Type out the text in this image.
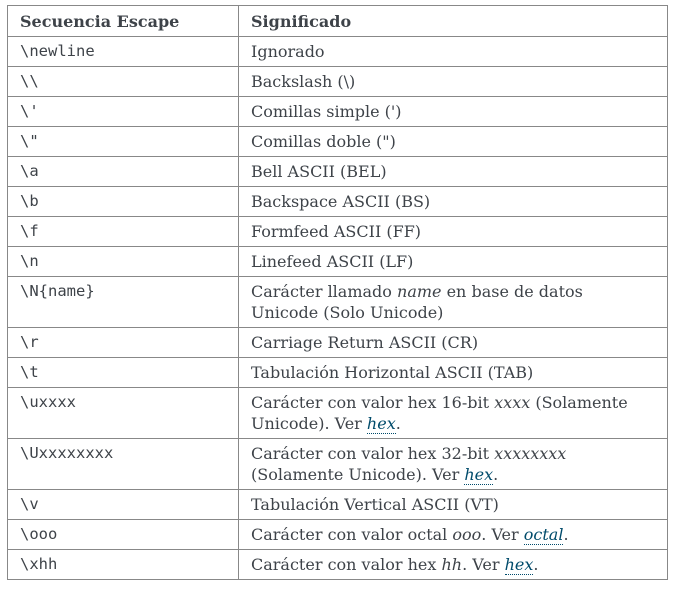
Secuencia Escape	Significado
\newline	Ignorado
\\	Backslash (\)
\'	Comillas simple (')
\"	Comillas doble (")
\a	Bell ASCII (BEL)
\b	Backspace ASCII (BS)
\f	Formfeed ASCII (FF)
\n	Linefeed ASCII (LF)
\N{name}	Carácter llamado name en base de datos Unicode (Solo Unicode)
\r	Carriage Return ASCII (CR)
\t	Tabulación Horizontal ASCII (TAB)
\uxxxx	Carácter con valor hex 16-bit xxxx (Solamente Unicode). Ver hex.
\Uxxxxxxxx	Carácter con valor hex 32-bit xxxxxxxx (Solamente Unicode). Ver hex.
\v	Tabulación Vertical ASCII (VT)
\ooo	Carácter con valor octal ooo. Ver octal.
\xhh	Carácter con valor hex hh. Ver hex.
